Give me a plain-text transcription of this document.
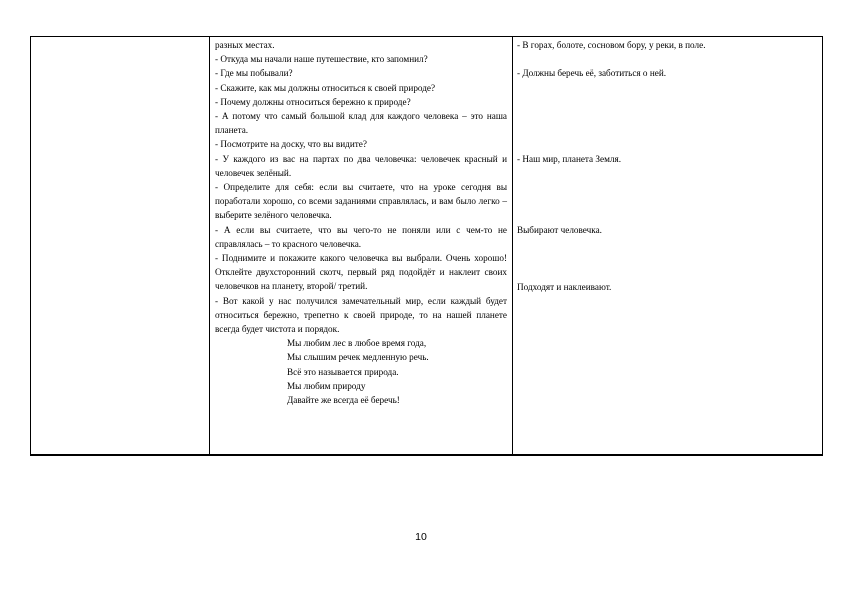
разных местах.
- Откуда мы начали наше путешествие, кто запомнил?
- Где мы побывали?
- Скажите, как мы должны относиться к своей природе?
- Почему должны относиться бережно к природе?
- А потому что самый большой клад для каждого человека – это наша планета.
- Посмотрите на доску, что вы видите?
- У каждого из вас на партах по два человечка: человечек красный и человечек зелёный.
- Определите для себя: если вы считаете, что на уроке сегодня вы поработали хорошо, со всеми заданиями справлялась, и вам было легко – выберите зелёного человечка.
- А если вы считаете, что вы чего-то не поняли или с чем-то не справлялась – то красного человечка.
- Поднимите и покажите какого человечка вы выбрали. Очень хорошо! Отклейте двухсторонний скотч, первый ряд подойдёт и наклеит своих человечков на планету, второй/ третий.
- Вот какой у нас получился замечательный мир, если каждый будет относиться бережно, трепетно к своей природе, то на нашей планете всегда будет чистота и порядок.
Мы любим лес в любое время года,
Мы слышим речек медленную речь.
Всё это называется природа.
Мы любим природу
Давайте же всегда её беречь!
- В горах, болоте, сосновом бору, у реки, в поле.
- Должны беречь её, заботиться о ней.
- Наш мир, планета Земля.
Выбирают человечка.
Подходят и наклеивают.
10
